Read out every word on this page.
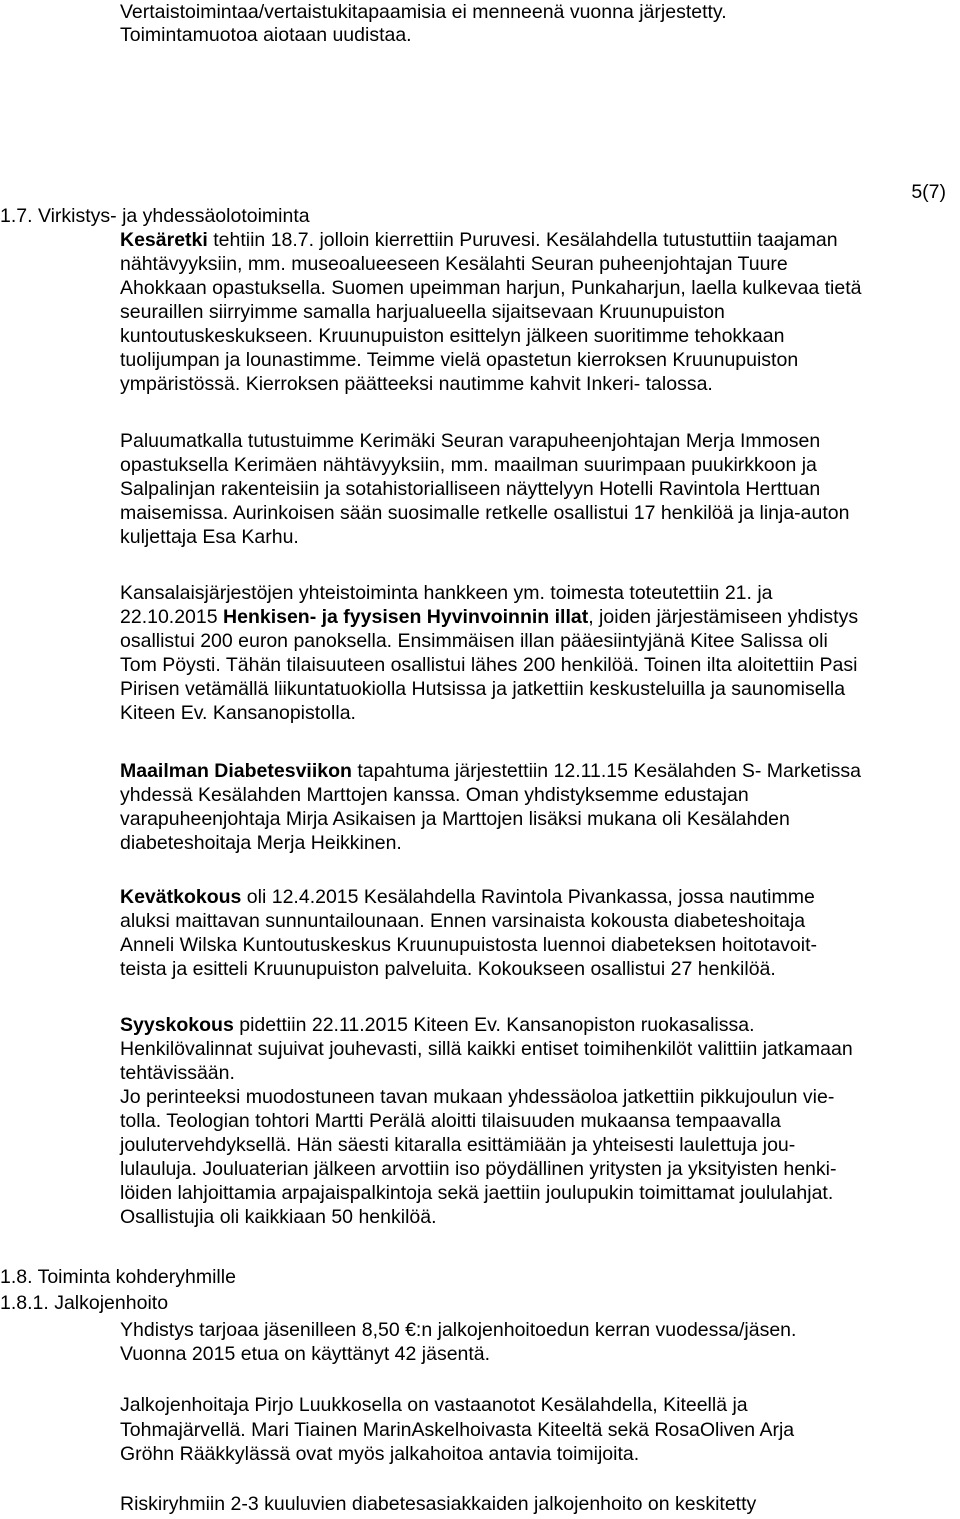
Vertaistoimintaa/vertaistukitapaamisia ei menneenä vuonna järjestetty.
Toimintamuotoa aiotaan uudistaa.
5(7)
1.7. Virkistys- ja yhdessäolotoiminta
Kesäretki tehtiin 18.7. jolloin kierrettiin Puruvesi. Kesälahdella tutustuttiin taajaman
nähtävyyksiin, mm. museoalueeseen Kesälahti Seuran puheenjohtajan Tuure
Ahokkaan opastuksella. Suomen upeimman harjun, Punkaharjun, laella kulkevaa tietä
seuraillen siirryimme samalla harjualueella sijaitsevaan Kruunupuiston
kuntoutuskeskukseen. Kruunupuiston esittelyn jälkeen suoritimme tehokkaan
tuolijumpan ja lounastimme. Teimme vielä opastetun kierroksen Kruunupuiston
ympäristössä. Kierroksen päätteeksi nautimme kahvit Inkeri- talossa.
Paluumatkalla tutustuimme Kerimäki Seuran varapuheenjohtajan Merja Immosen
opastuksella Kerimäen nähtävyyksiin, mm. maailman suurimpaan puukirkkoon ja
Salpalinjan rakenteisiin ja sotahistorialliseen näyttelyyn Hotelli Ravintola Herttuan
maisemissa. Aurinkoisen sään suosimalle retkelle osallistui 17 henkilöä ja linja-auton
kuljettaja Esa Karhu.
Kansalaisjärjestöjen yhteistoiminta hankkeen ym. toimesta toteutettiin 21. ja
22.10.2015 Henkisen- ja fyysisen Hyvinvoinnin illat, joiden järjestämiseen yhdistys
osallistui 200 euron panoksella. Ensimmäisen illan pääesiintyjänä Kitee Salissa oli
Tom Pöysti. Tähän tilaisuuteen osallistui lähes 200 henkilöä. Toinen ilta aloitettiin Pasi
Pirisen vetämällä liikuntatuokiolla Hutsissa ja jatkettiin keskusteluilla ja saunomisella
Kiteen Ev. Kansanopistolla.
Maailman Diabetesviikon tapahtuma järjestettiin 12.11.15 Kesälahden S- Marketissa
yhdessä Kesälahden Marttojen kanssa. Oman yhdistyksemme edustajan
varapuheenjohtaja Mirja Asikaisen ja Marttojen lisäksi mukana oli Kesälahden
diabeteshoitaja Merja Heikkinen.
Kevätkokous oli 12.4.2015 Kesälahdella Ravintola Pivankassa, jossa nautimme
aluksi maittavan sunnuntailounaan. Ennen varsinaista kokousta diabeteshoitaja
Anneli Wilska Kuntoutuskeskus Kruunupuistosta luennoi diabeteksen hoitotavoit-
teista ja esitteli Kruunupuiston palveluita. Kokoukseen osallistui 27 henkilöä.
Syyskokous pidettiin 22.11.2015 Kiteen Ev. Kansanopiston ruokasalissa.
Henkilövalinnat sujuivat jouhevasti, sillä kaikki entiset toimihenkilöt valittiin jatkamaan
tehtävissään.
Jo perinteeksi muodostuneen tavan mukaan yhdessäoloa jatkettiin pikkujoulun vie-
tolla. Teologian tohtori Martti Perälä aloitti tilaisuuden mukaansa tempaavalla
joulutervehdyksellä. Hän säesti kitaralla esittämiään ja yhteisesti laulettuja jou-
lulauluja. Jouluaterian jälkeen arvottiin iso pöydällinen yritysten ja yksityisten henki-
löiden lahjoittamia arpajaispalkintoja sekä jaettiin joulupukin toimittamat joululahjat.
Osallistujia oli kaikkiaan 50 henkilöä.
1.8. Toiminta kohderyhmille
1.8.1. Jalkojenhoito
Yhdistys tarjoaa jäsenilleen 8,50 €:n jalkojenhoitoedun kerran vuodessa/jäsen.
Vuonna 2015 etua on käyttänyt 42 jäsentä.
Jalkojenhoitaja Pirjo Luukkosella on vastaanotot Kesälahdella, Kiteellä ja
Tohmajärvellä. Mari Tiainen MarinAskelhoivasta Kiteeltä sekä RosaOliven Arja
Gröhn Rääkkylässä ovat myös jalkahoitoa antavia toimijoita.
Riskiryhmiin 2-3 kuuluvien diabetesasiakkaiden jalkojenhoito on keskitetty
